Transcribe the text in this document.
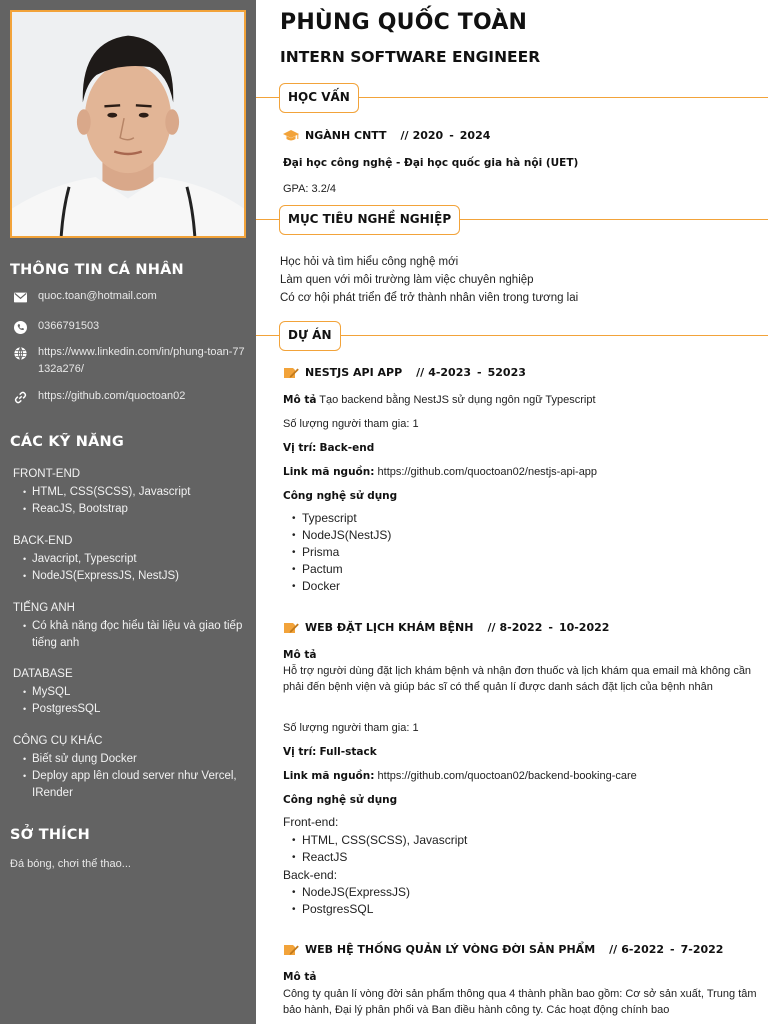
THÔNG TIN CÁ NHÂN
quoc.toan@hotmail.com
0366791503
https://www.linkedin.com/in/phung-toan-77132a276/
https://github.com/quoctoan02
CÁC KỸ NĂNG
FRONT-END
• HTML, CSS(SCSS), Javascript
• ReacJS, Bootstrap
BACK-END
• Javacript, Typescript
• NodeJS(ExpressJS, NestJS)
TIẾNG ANH
• Có khả năng đọc hiểu tài liệu và giao tiếp tiếng anh
DATABASE
• MySQL
• PostgresSQL
CÔNG CỤ KHÁC
• Biết sử dụng Docker
• Deploy app lên cloud server như Vercel, IRender
SỞ THÍCH
Đá bóng, chơi thể thao...
PHÙNG QUỐC TOÀN
INTERN SOFTWARE ENGINEER
HỌC VẤN
NGÀNH CNTT // 2020 - 2024
Đại học công nghệ - Đại học quốc gia hà nội (UET)
GPA: 3.2/4
MỤC TIÊU NGHỀ NGHIỆP
Học hỏi và tìm hiểu công nghệ mới
Làm quen với môi trường làm việc chuyên nghiệp
Có cơ hội phát triển để trở thành nhân viên trong tương lai
DỰ ÁN
NESTJS API APP // 4-2023 - 52023
Mô tả Tạo backend bằng NestJS sử dụng ngôn ngữ Typescript
Số lượng người tham gia: 1
Vị trí: Back-end
Link mã nguồn: https://github.com/quoctoan02/nestjs-api-app
Công nghệ sử dụng
• Typescript
• NodeJS(NestJS)
• Prisma
• Pactum
• Docker
WEB ĐẶT LỊCH KHÁM BỆNH // 8-2022 - 10-2022
Mô tả
Hỗ trợ người dùng đặt lịch khám bệnh và nhận đơn thuốc và lịch khám qua email mà không cần phải đến bệnh viện và giúp bác sĩ có thể quản lí được danh sách đặt lịch của bệnh nhân
Số lượng người tham gia: 1
Vị trí: Full-stack
Link mã nguồn: https://github.com/quoctoan02/backend-booking-care
Công nghệ sử dụng
Front-end:
• HTML, CSS(SCSS), Javascript
• ReactJS
Back-end:
• NodeJS(ExpressJS)
• PostgresSQL
WEB HỆ THỐNG QUẢN LÝ VÒNG ĐỜI SẢN PHẨM // 6-2022 - 7-2022
Mô tả
Công ty quản lí vòng đời sản phẩm thông qua 4 thành phần bao gồm: Cơ sở sản xuất, Trung tâm bảo hành, Đại lý phân phối và Ban điều hành công ty. Các hoạt động chính bao
